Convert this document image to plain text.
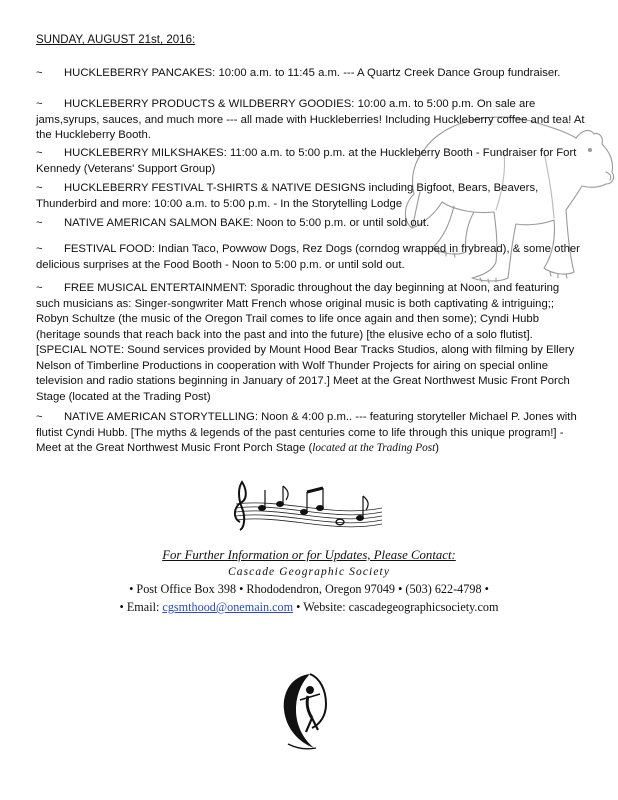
SUNDAY, AUGUST 21st, 2016:

~ HUCKLEBERRY PANCAKES: 10:00 a.m. to 11:45 a.m. --- A Quartz Creek Dance Group fundraiser.

~ HUCKLEBERRY PRODUCTS & WILDBERRY GOODIES: 10:00 a.m. to 5:00 p.m. On sale are jams,syrups, sauces, and much more --- all made with Huckleberries! Including Huckleberry coffee and tea! At the Huckleberry Booth.

~ HUCKLEBERRY MILKSHAKES: 11:00 a.m. to 5:00 p.m. at the Huckleberry Booth - Fundraiser for Fort Kennedy (Veterans' Support Group)

~ HUCKLEBERRY FESTIVAL T-SHIRTS & NATIVE DESIGNS including Bigfoot, Bears, Beavers, Thunderbird and more: 10:00 a.m. to 5:00 p.m. - In the Storytelling Lodge

~ NATIVE AMERICAN SALMON BAKE: Noon to 5:00 p.m. or until sold out.

~ FESTIVAL FOOD: Indian Taco, Powwow Dogs, Rez Dogs (corndog wrapped in frybread), & some other delicious surprises at the Food Booth - Noon to 5:00 p.m. or until sold out.

~ FREE MUSICAL ENTERTAINMENT: Sporadic throughout the day beginning at Noon, and featuring such musicians as: Singer-songwriter Matt French whose original music is both captivating & intriguing;; Robyn Schultze (the music of the Oregon Trail comes to life once again and then some); Cyndi Hubb (heritage sounds that reach back into the past and into the future) [the elusive echo of a solo flutist]. [SPECIAL NOTE: Sound services provided by Mount Hood Bear Tracks Studios, along with filming by Ellery Nelson of Timberline Productions in cooperation with Wolf Thunder Projects for airing on special online television and radio stations beginning in January of 2017.] Meet at the Great Northwest Music Front Porch Stage (located at the Trading Post)

~ NATIVE AMERICAN STORYTELLING: Noon & 4:00 p.m.. --- featuring storyteller Michael P. Jones with flutist Cyndi Hubb. [The myths & legends of the past centuries come to life through this unique program!] - Meet at the Great Northwest Music Front Porch Stage (located at the Trading Post)

For Further Information or for Updates, Please Contact:

Cascade Geographic Society

• Post Office Box 398 • Rhododendron, Oregon 97049 • (503) 622-4798 •

• Email: cgsmthood@onemain.com • Website: cascadegeographicsociety.com
